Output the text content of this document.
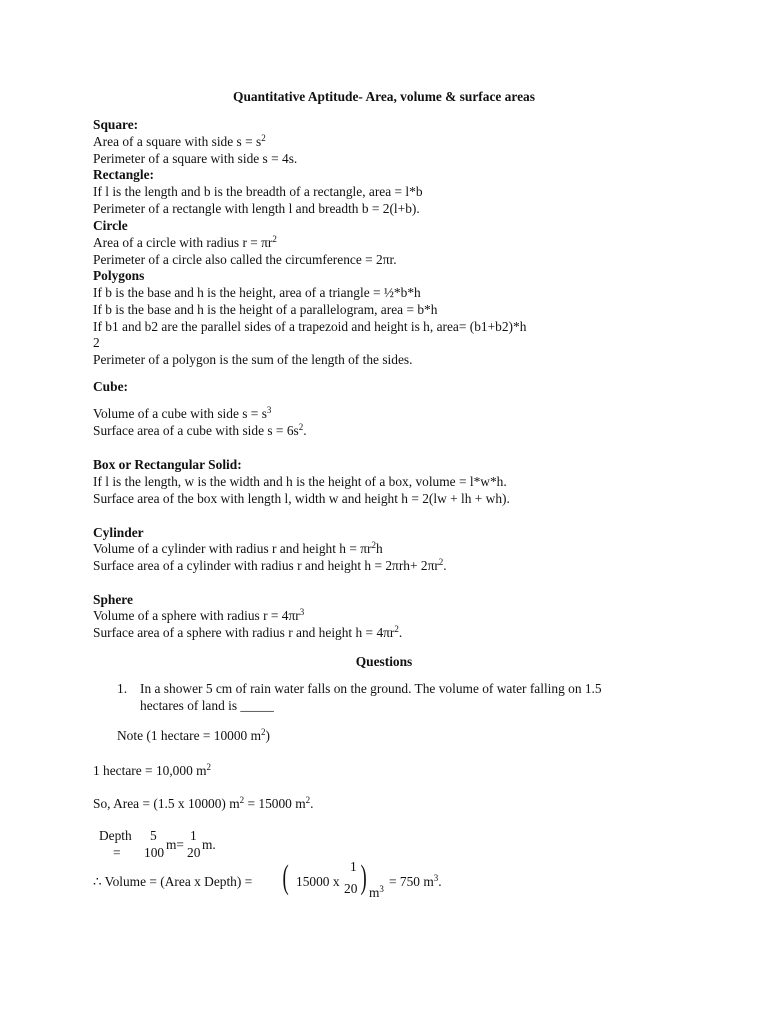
Quantitative Aptitude- Area, volume & surface areas
Square:
Area of a square with side $s = s^2$
Perimeter of a square with side s = 4s.
Rectangle:
If l is the length and b is the breadth of a rectangle, area = l*b
Perimeter of a rectangle with length l and breadth b = 2(l+b).
Circle
Area of a circle with radius $r = \pi r^2$
Perimeter of a circle also called the circumference = 2πr.
Polygons
If b is the base and h is the height, area of a triangle = ½*b*h
If b is the base and h is the height of a parallelogram, area = b*h
If b1 and b2 are the parallel sides of a trapezoid and height is h, area= (b1+b2)*h
2
Perimeter of a polygon is the sum of the length of the sides.
Cube:
Volume of a cube with side $s = s^3$
Surface area of a cube with side $s = 6s^2$.
Box or Rectangular Solid:
If l is the length, w is the width and h is the height of a box, volume = l*w*h.
Surface area of the box with length l, width w and height h = 2(lw + lh + wh).
Cylinder
Volume of a cylinder with radius r and height $h = \pi r^2h$
Surface area of a cylinder with radius r and height $h = 2\pi rh+ 2\pi r^2$.
Sphere
Volume of a sphere with radius $r = 4\pi r^3$
Surface area of a sphere with radius r and height $h = 4\pi r^2$.
Questions
1. In a shower 5 cm of rain water falls on the ground. The volume of water falling on 1.5
hectares of land is _____
Note (1 hectare = 10000 $m^2$)
1 hectare = 10,000 $m^2$
So, Area = (1.5 x 10000) $m^2 = 15000$ $m^2$.
Depth
=
5
100
m=
1
20
m.
∴ Volume = (Area x Depth) = ( 15000 x
1
20 ) $m^3 = 750$ $m^3$.
